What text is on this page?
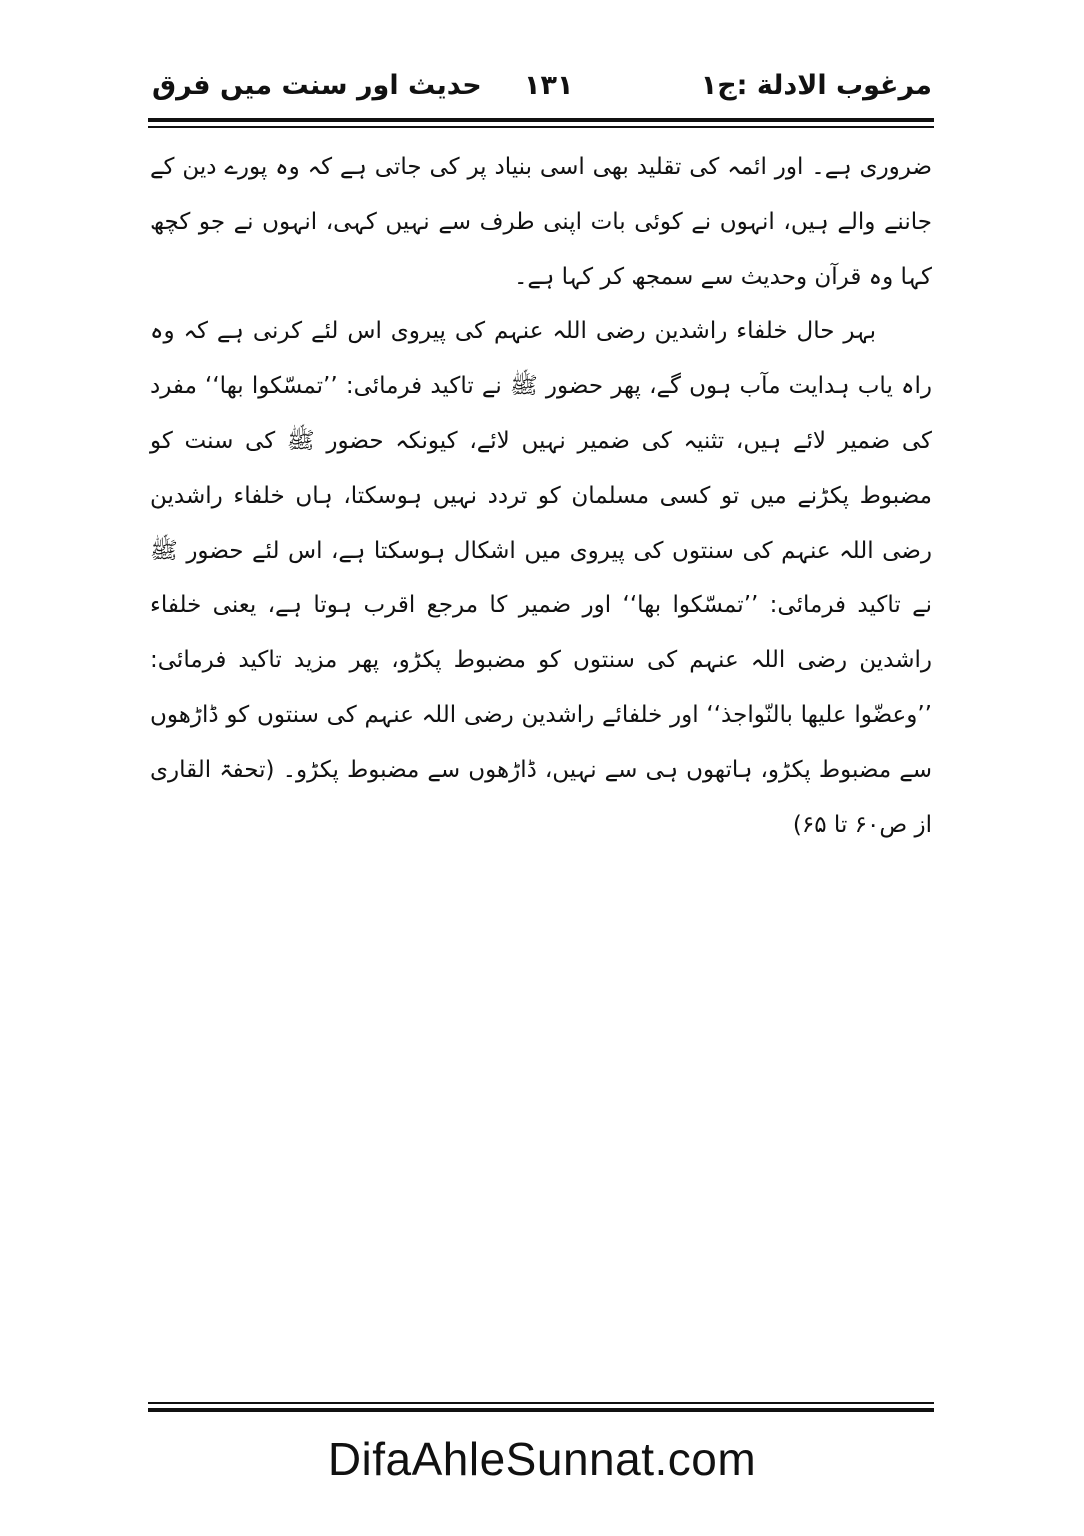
مرغوب الادلة :ج۱
۱۳۱
حدیث اور سنت میں فرق

ضروری ہے۔ اور ائمہ کی تقلید بھی اسی بنیاد پر کی جاتی ہے کہ وہ پورے دین کے جاننے والے ہیں، انہوں نے کوئی بات اپنی طرف سے نہیں کہی، انہوں نے جو کچھ کہا وہ قرآن وحدیث سے سمجھ کر کہا ہے۔

بہر حال خلفاء راشدین رضی اللہ عنہم کی پیروی اس لئے کرنی ہے کہ وہ راہ یاب ہدایت مآب ہوں گے، پھر حضور ﷺ نے تاکید فرمائی: ’’تمسّکوا بھا‘‘ مفرد کی ضمیر لائے ہیں، تثنیہ کی ضمیر نہیں لائے، کیونکہ حضور ﷺ کی سنت کو مضبوط پکڑنے میں تو کسی مسلمان کو تردد نہیں ہوسکتا، ہاں خلفاء راشدین رضی اللہ عنہم کی سنتوں کی پیروی میں اشکال ہوسکتا ہے، اس لئے حضور ﷺ نے تاکید فرمائی: ’’تمسّکوا بھا‘‘ اور ضمیر کا مرجع اقرب ہوتا ہے، یعنی خلفاء راشدین رضی اللہ عنہم کی سنتوں کو مضبوط پکڑو، پھر مزید تاکید فرمائی: ’’وعضّوا علیھا بالنّواجذ‘‘ اور خلفائے راشدین رضی اللہ عنہم کی سنتوں کو ڈاڑھوں سے مضبوط پکڑو، ہاتھوں ہی سے نہیں، ڈاڑھوں سے مضبوط پکڑو۔ (تحفۃ القاری از ص۶۰ تا ۶۵)

DifaAhleSunnat.com
